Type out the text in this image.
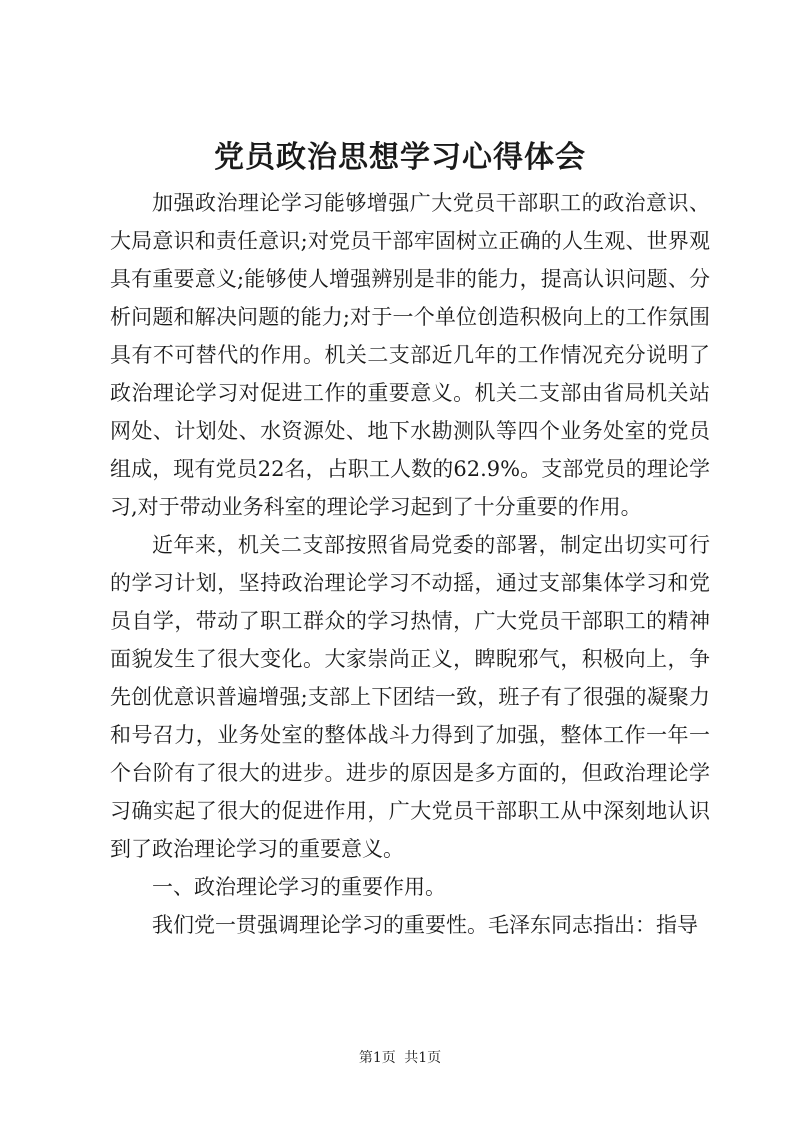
党员政治思想学习心得体会

加强政治理论学习能够增强广大党员干部职工的政治意识、大局意识和责任意识;对党员干部牢固树立正确的人生观、世界观具有重要意义;能够使人增强辨别是非的能力，提高认识问题、分析问题和解决问题的能力;对于一个单位创造积极向上的工作氛围具有不可替代的作用。机关二支部近几年的工作情况充分说明了政治理论学习对促进工作的重要意义。机关二支部由省局机关站网处、计划处、水资源处、地下水勘测队等四个业务处室的党员组成，现有党员22名，占职工人数的62.9%。支部党员的理论学习,对于带动业务科室的理论学习起到了十分重要的作用。

近年来，机关二支部按照省局党委的部署，制定出切实可行的学习计划，坚持政治理论学习不动摇，通过支部集体学习和党员自学，带动了职工群众的学习热情，广大党员干部职工的精神面貌发生了很大变化。大家崇尚正义，睥睨邪气，积极向上，争先创优意识普遍增强;支部上下团结一致，班子有了很强的凝聚力和号召力，业务处室的整体战斗力得到了加强，整体工作一年一个台阶有了很大的进步。进步的原因是多方面的，但政治理论学习确实起了很大的促进作用，广大党员干部职工从中深刻地认识到了政治理论学习的重要意义。

一、政治理论学习的重要作用。

我们党一贯强调理论学习的重要性。毛泽东同志指出：指导

第1页 共1页
